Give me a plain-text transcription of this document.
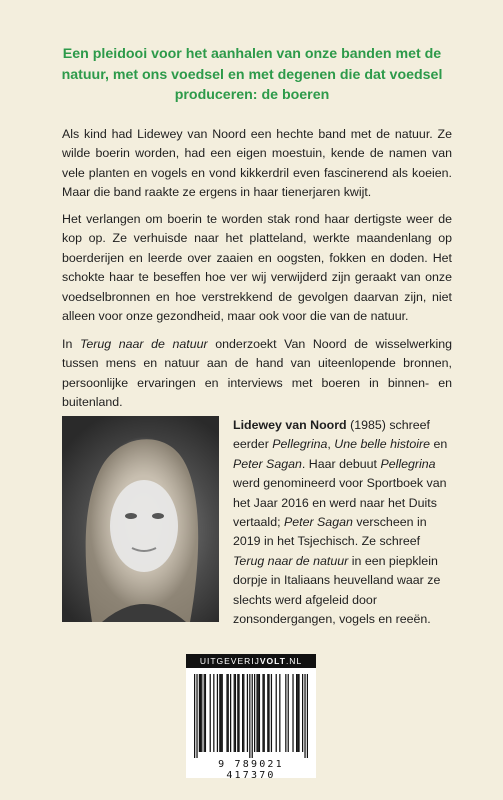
Een pleidooi voor het aanhalen van onze banden met de natuur, met ons voedsel en met degenen die dat voedsel produceren: de boeren

Als kind had Lidewey van Noord een hechte band met de natuur. Ze wilde boerin worden, had een eigen moestuin, kende de namen van vele planten en vogels en vond kikkerdril even fascinerend als koeien. Maar die band raakte ze ergens in haar tienerjaren kwijt.

Het verlangen om boerin te worden stak rond haar dertigste weer de kop op. Ze verhuisde naar het platteland, werkte maandenlang op boerderijen en leerde over zaaien en oogsten, fokken en doden. Het schokte haar te beseffen hoe ver wij verwijderd zijn geraakt van onze voedselbronnen en hoe verstrekkend de gevolgen daarvan zijn, niet alleen voor onze gezondheid, maar ook voor die van de natuur.

In Terug naar de natuur onderzoekt Van Noord de wisselwerking tussen mens en natuur aan de hand van uiteenlopende bronnen, persoonlijke ervaringen en interviews met boeren in binnen- en buitenland.

Lidewey van Noord (1985) schreef eerder Pellegrina, Une belle histoire en Peter Sagan. Haar debuut Pellegrina werd genomineerd voor Sportboek van het Jaar 2016 en werd naar het Duits vertaald; Peter Sagan verscheen in 2019 in het Tsjechisch. Ze schreef Terug naar de natuur in een piepklein dorpje in Italiaans heuvelland waar ze slechts werd afgeleid door zonsondergangen, vogels en reeën.

UITGEVERIJVOLT.NL
9 789021 417370
